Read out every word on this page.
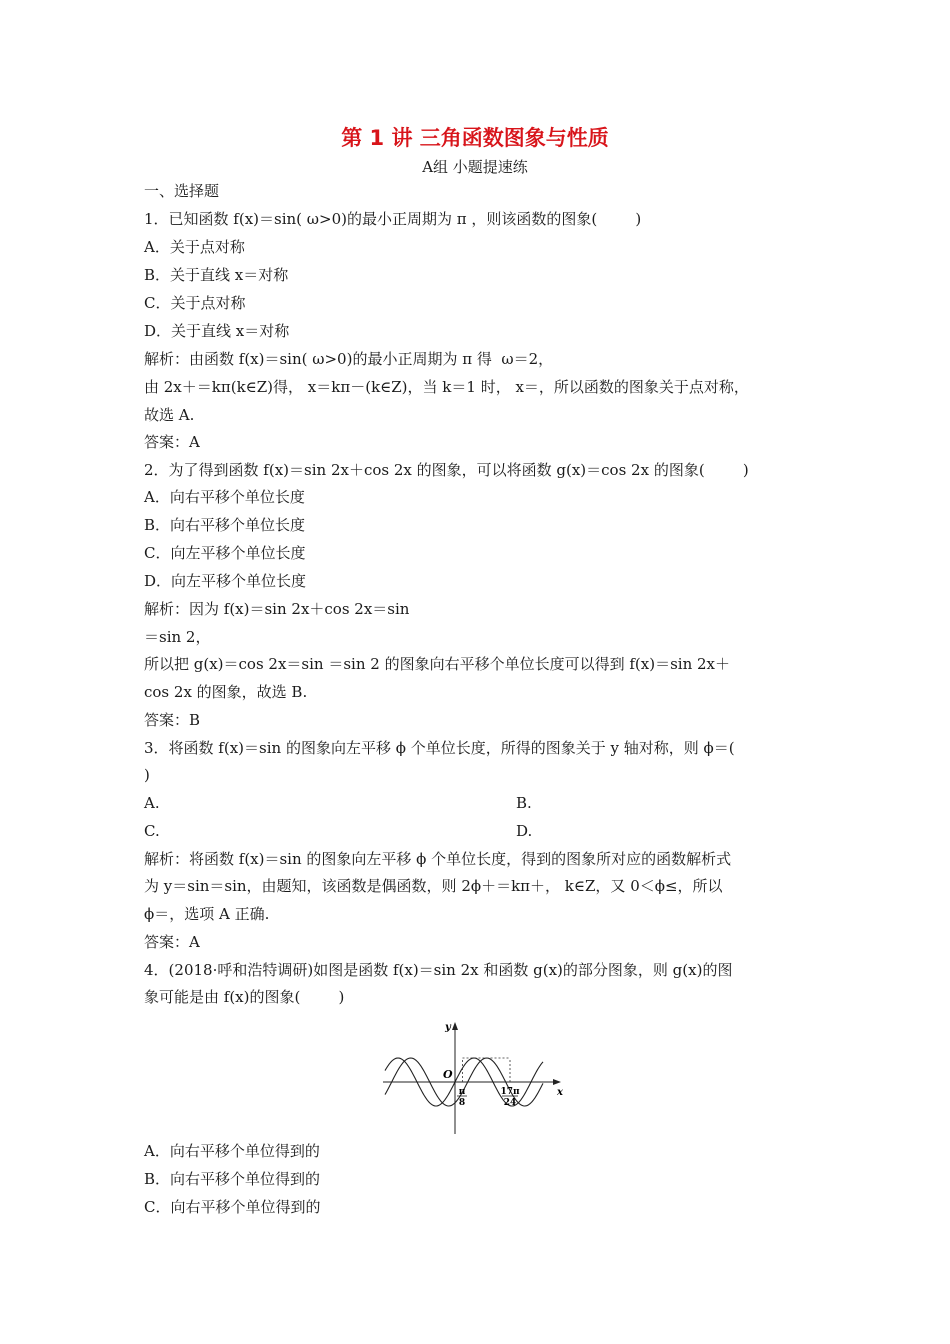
第 1 讲 三角函数图象与性质
A组 小题提速练
一、选择题
1．已知函数 f(x)＝sin( ω>0)的最小正周期为 π ，则该函数的图象(        )
A．关于点对称
B．关于直线 x＝对称
C．关于点对称
D．关于直线 x＝对称
解析：由函数 f(x)＝sin( ω>0)的最小正周期为 π 得  ω＝2，
由 2x＋＝kπ(k∈Z)得， x＝kπ－(k∈Z)，当 k＝1 时， x＝，所以函数的图象关于点对称，
故选 A.
答案：A
2．为了得到函数 f(x)＝sin 2x＋cos 2x 的图象，可以将函数 g(x)＝cos 2x 的图象(        )
A．向右平移个单位长度
B．向右平移个单位长度
C．向左平移个单位长度
D．向左平移个单位长度
解析：因为 f(x)＝sin 2x＋cos 2x＝sin
＝sin 2，
所以把 g(x)＝cos 2x＝sin ＝sin 2 的图象向右平移个单位长度可以得到 f(x)＝sin 2x＋
cos 2x 的图象，故选 B.
答案：B
3．将函数 f(x)＝sin 的图象向左平移 ϕ 个单位长度，所得的图象关于 y 轴对称，则 ϕ＝(
)
A.	B.
C.	D.
解析：将函数 f(x)＝sin 的图象向左平移 ϕ 个单位长度，得到的图象所对应的函数解析式
为 y＝sin＝sin，由题知，该函数是偶函数，则 2ϕ＋＝kπ＋， k∈Z，又 0＜ϕ≤，所以
ϕ＝，选项 A 正确.
答案：A
4．(2018·呼和浩特调研)如图是函数 f(x)＝sin 2x 和函数 g(x)的部分图象，则 g(x)的图
象可能是由 f(x)的图象(        )
y
x
O
π
8
17π
24
A．向右平移个单位得到的
B．向右平移个单位得到的
C．向右平移个单位得到的
